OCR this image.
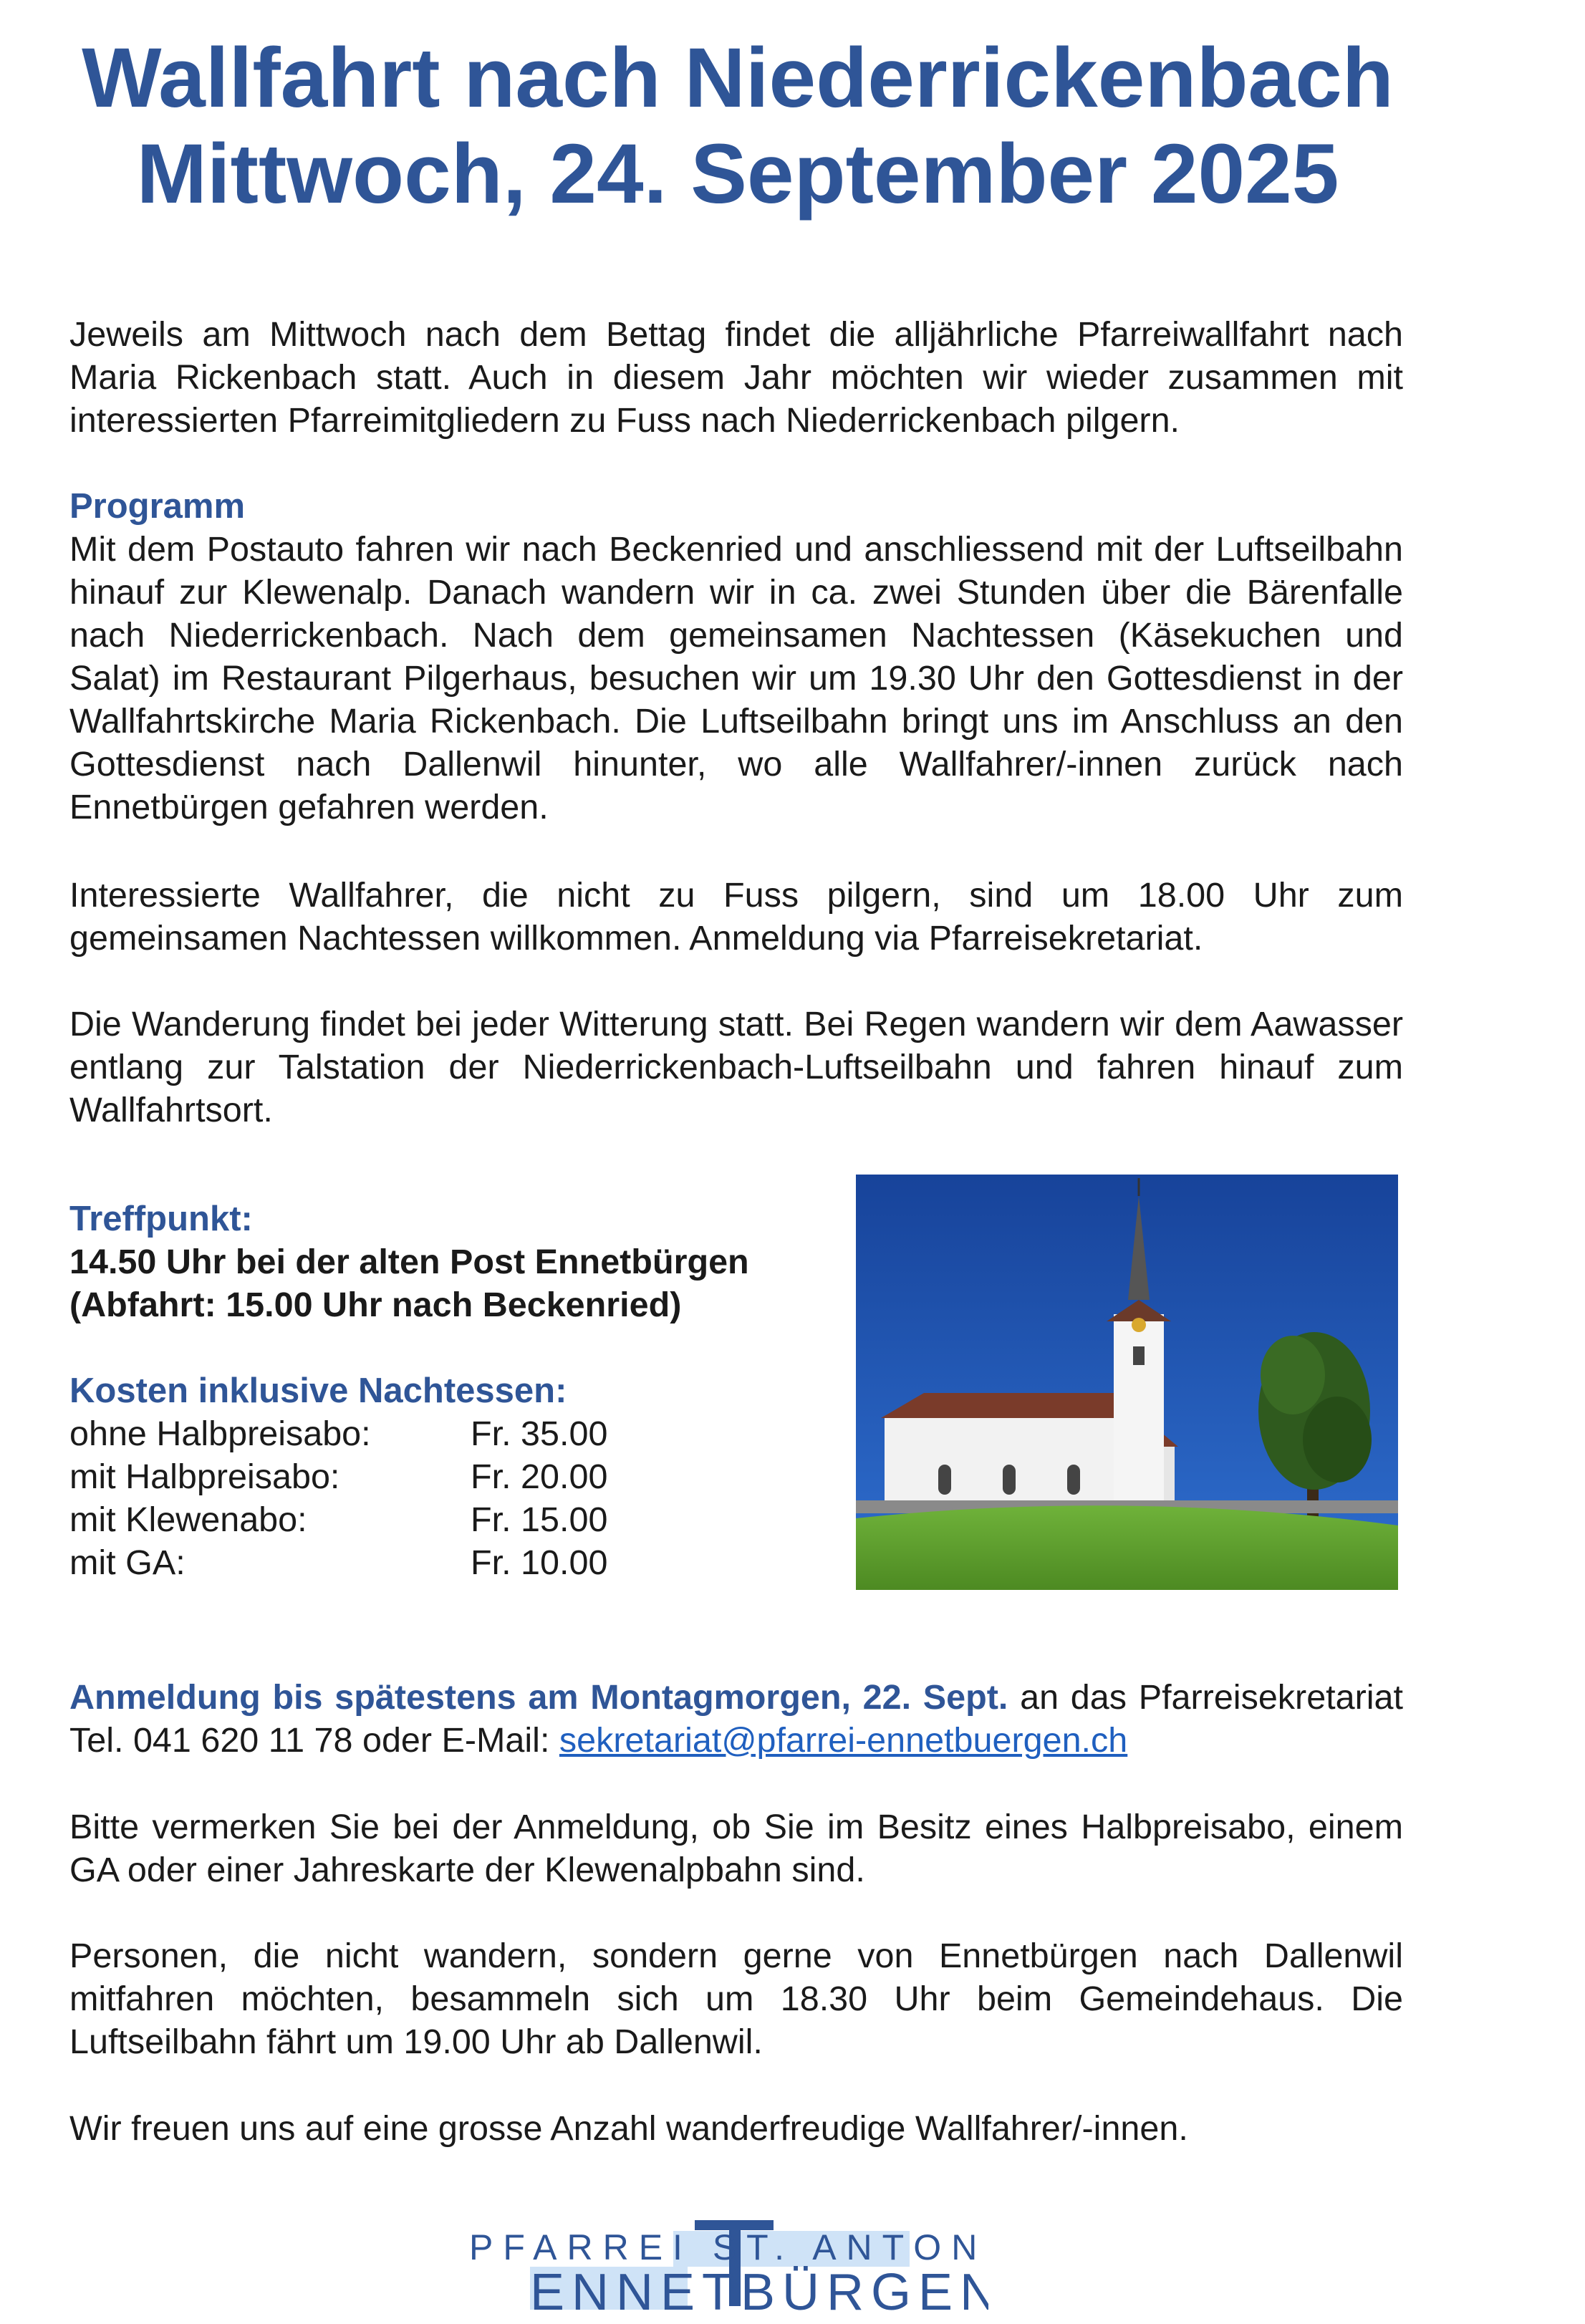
Wallfahrt nach Niederrickenbach
Mittwoch, 24. September 2025

Jeweils am Mittwoch nach dem Bettag findet die alljährliche Pfarreiwallfahrt nach Maria Rickenbach statt. Auch in diesem Jahr möchten wir wieder zusammen mit interessierten Pfarreimitgliedern zu Fuss nach Niederrickenbach pilgern.

Programm

Mit dem Postauto fahren wir nach Beckenried und anschliessend mit der Luftseilbahn hinauf zur Klewenalp. Danach wandern wir in ca. zwei Stunden über die Bärenfalle nach Niederrickenbach. Nach dem gemeinsamen Nachtessen (Käsekuchen und Salat) im Restaurant Pilgerhaus, besuchen wir um 19.30 Uhr den Gottesdienst in der Wallfahrtskirche Maria Rickenbach. Die Luftseilbahn bringt uns im Anschluss an den Gottesdienst nach Dallenwil hinunter, wo alle Wallfahrer/-innen zurück nach Ennetbürgen gefahren werden.

Interessierte Wallfahrer, die nicht zu Fuss pilgern, sind um 18.00 Uhr zum gemeinsamen Nachtessen willkommen. Anmeldung via Pfarreisekretariat.

Die Wanderung findet bei jeder Witterung statt. Bei Regen wandern wir dem Aawasser entlang zur Talstation der Niederrickenbach-Luftseilbahn und fahren hinauf zum Wallfahrtsort.

Treffpunkt:

14.50 Uhr bei der alten Post Ennetbürgen

(Abfahrt: 15.00 Uhr nach Beckenried)

Kosten inklusive Nachtessen:

ohne Halbpreisabo:	Fr. 35.00
mit Halbpreisabo:	Fr. 20.00
mit Klewenabo:	Fr. 15.00
mit GA:	Fr. 10.00

Anmeldung bis spätestens am Montagmorgen, 22. Sept. an das Pfarreisekretariat Tel. 041 620 11 78 oder E-Mail: sekretariat@pfarrei-ennetbuergen.ch

Bitte vermerken Sie bei der Anmeldung, ob Sie im Besitz eines Halbpreisabo, einem GA oder einer Jahreskarte der Klewenalpbahn sind.

Personen, die nicht wandern, sondern gerne von Ennetbürgen nach Dallenwil mitfahren möchten, besammeln sich um 18.30 Uhr beim Gemeindehaus. Die Luftseilbahn fährt um 19.00 Uhr ab Dallenwil.

Wir freuen uns auf eine grosse Anzahl wanderfreudige Wallfahrer/-innen.

PFARREI ST. ANTON
ENNETBÜRGEN
